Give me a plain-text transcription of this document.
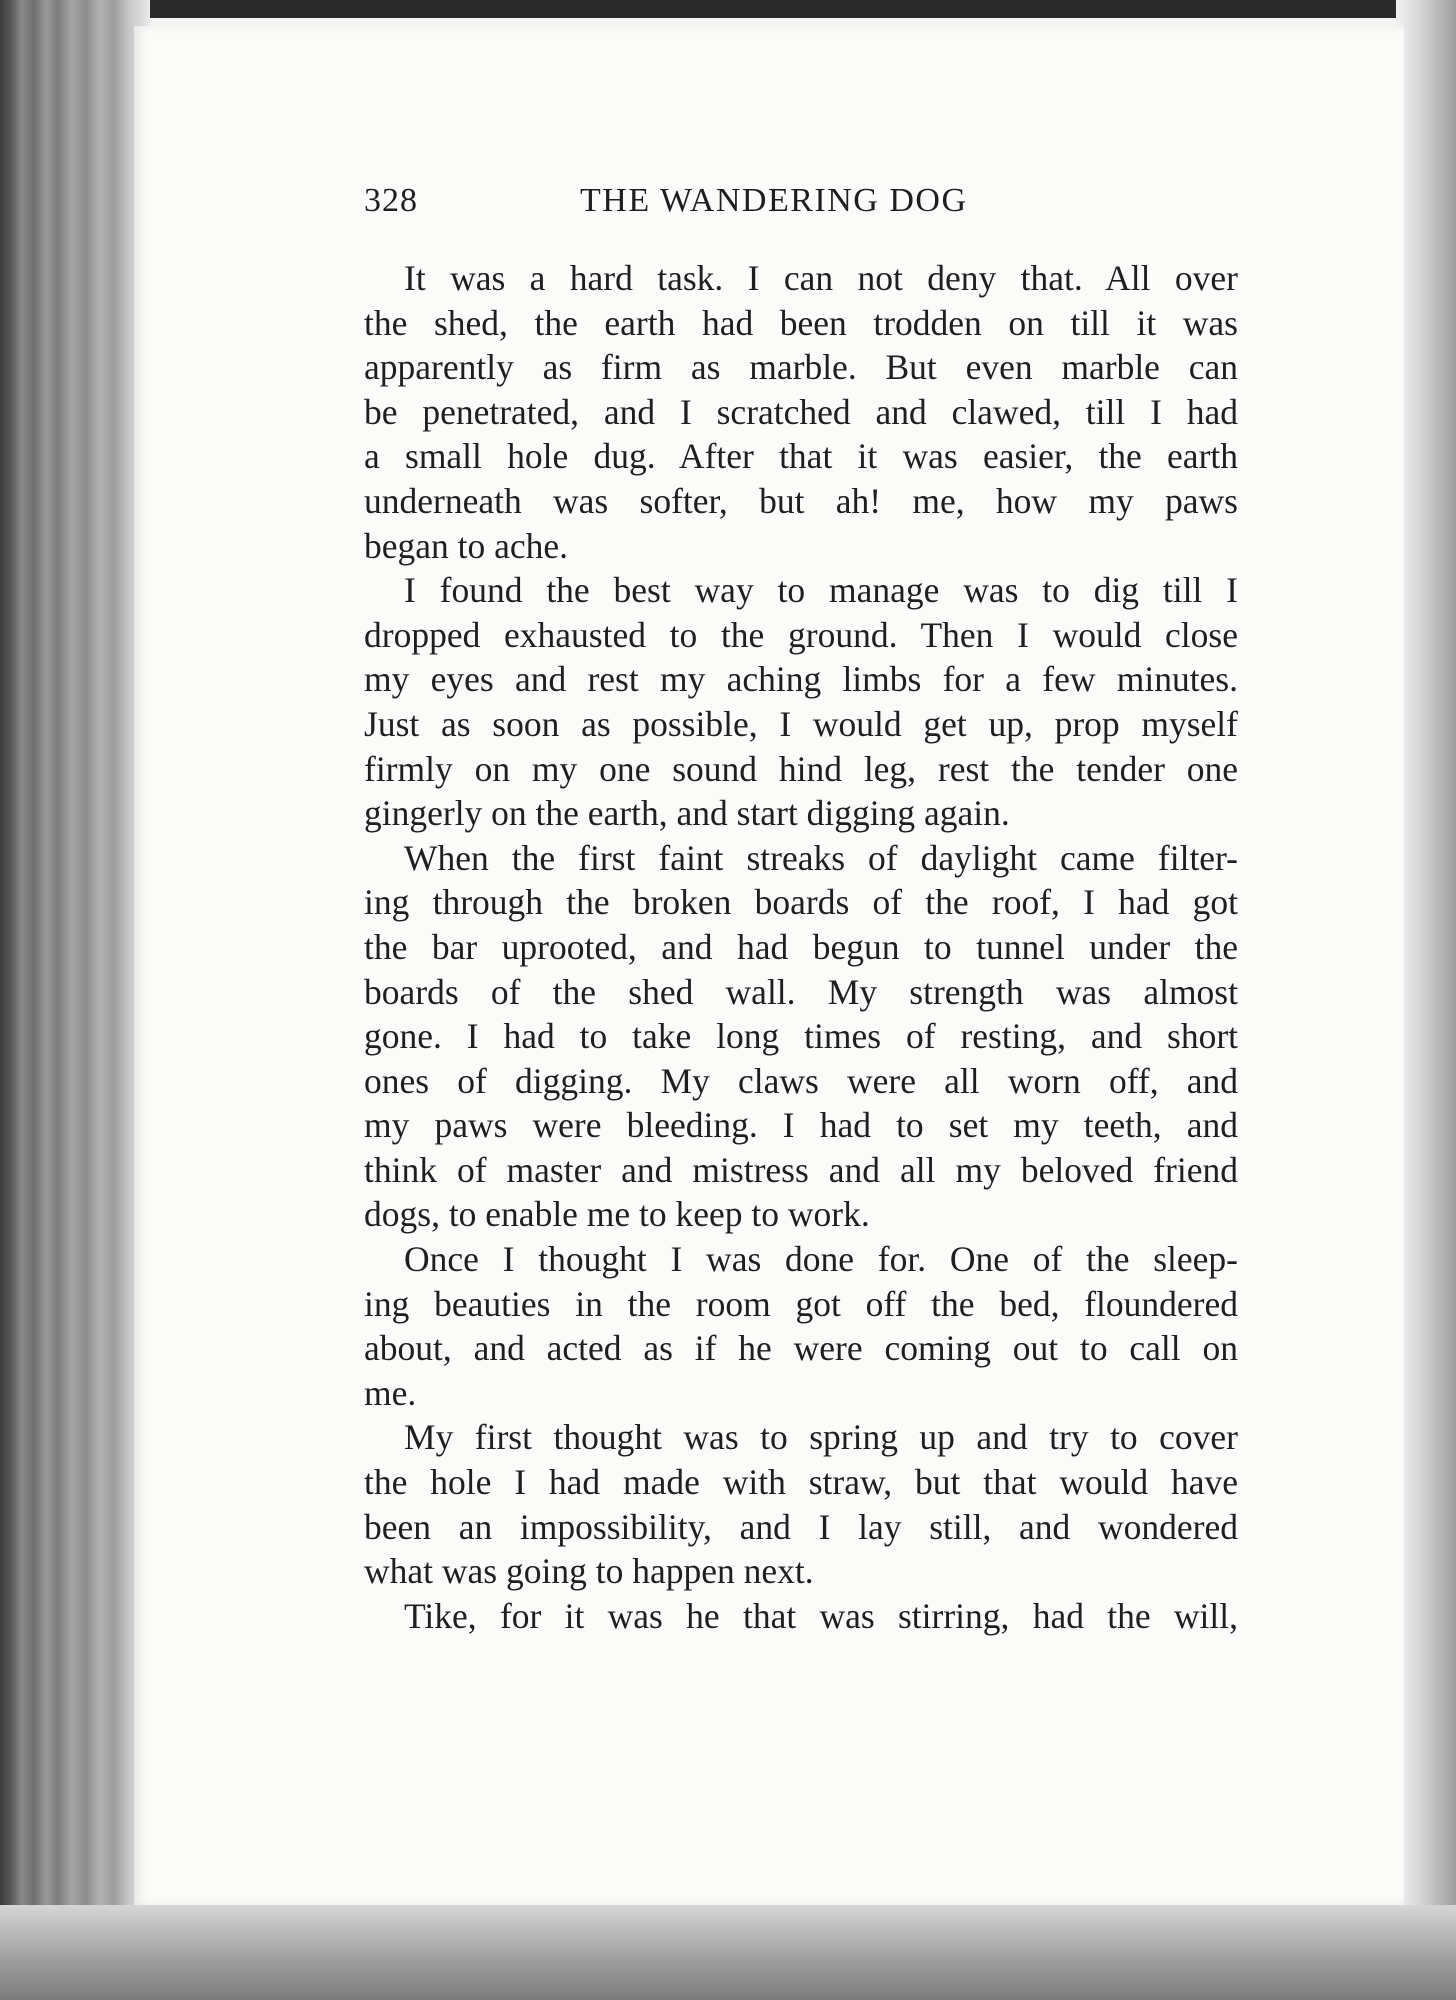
328	THE WANDERING DOG
It was a hard task. I can not deny that. All over
the shed, the earth had been trodden on till it was
apparently as firm as marble. But even marble can
be penetrated, and I scratched and clawed, till I had
a small hole dug. After that it was easier, the earth
underneath was softer, but ah! me, how my paws
began to ache.
I found the best way to manage was to dig till I
dropped exhausted to the ground. Then I would close
my eyes and rest my aching limbs for a few minutes.
Just as soon as possible, I would get up, prop myself
firmly on my one sound hind leg, rest the tender one
gingerly on the earth, and start digging again.
When the first faint streaks of daylight came filter-
ing through the broken boards of the roof, I had got
the bar uprooted, and had begun to tunnel under the
boards of the shed wall. My strength was almost
gone. I had to take long times of resting, and short
ones of digging. My claws were all worn off, and
my paws were bleeding. I had to set my teeth, and
think of master and mistress and all my beloved friend
dogs, to enable me to keep to work.
Once I thought I was done for. One of the sleep-
ing beauties in the room got off the bed, floundered
about, and acted as if he were coming out to call on
me.
My first thought was to spring up and try to cover
the hole I had made with straw, but that would have
been an impossibility, and I lay still, and wondered
what was going to happen next.
Tike, for it was he that was stirring, had the will,
